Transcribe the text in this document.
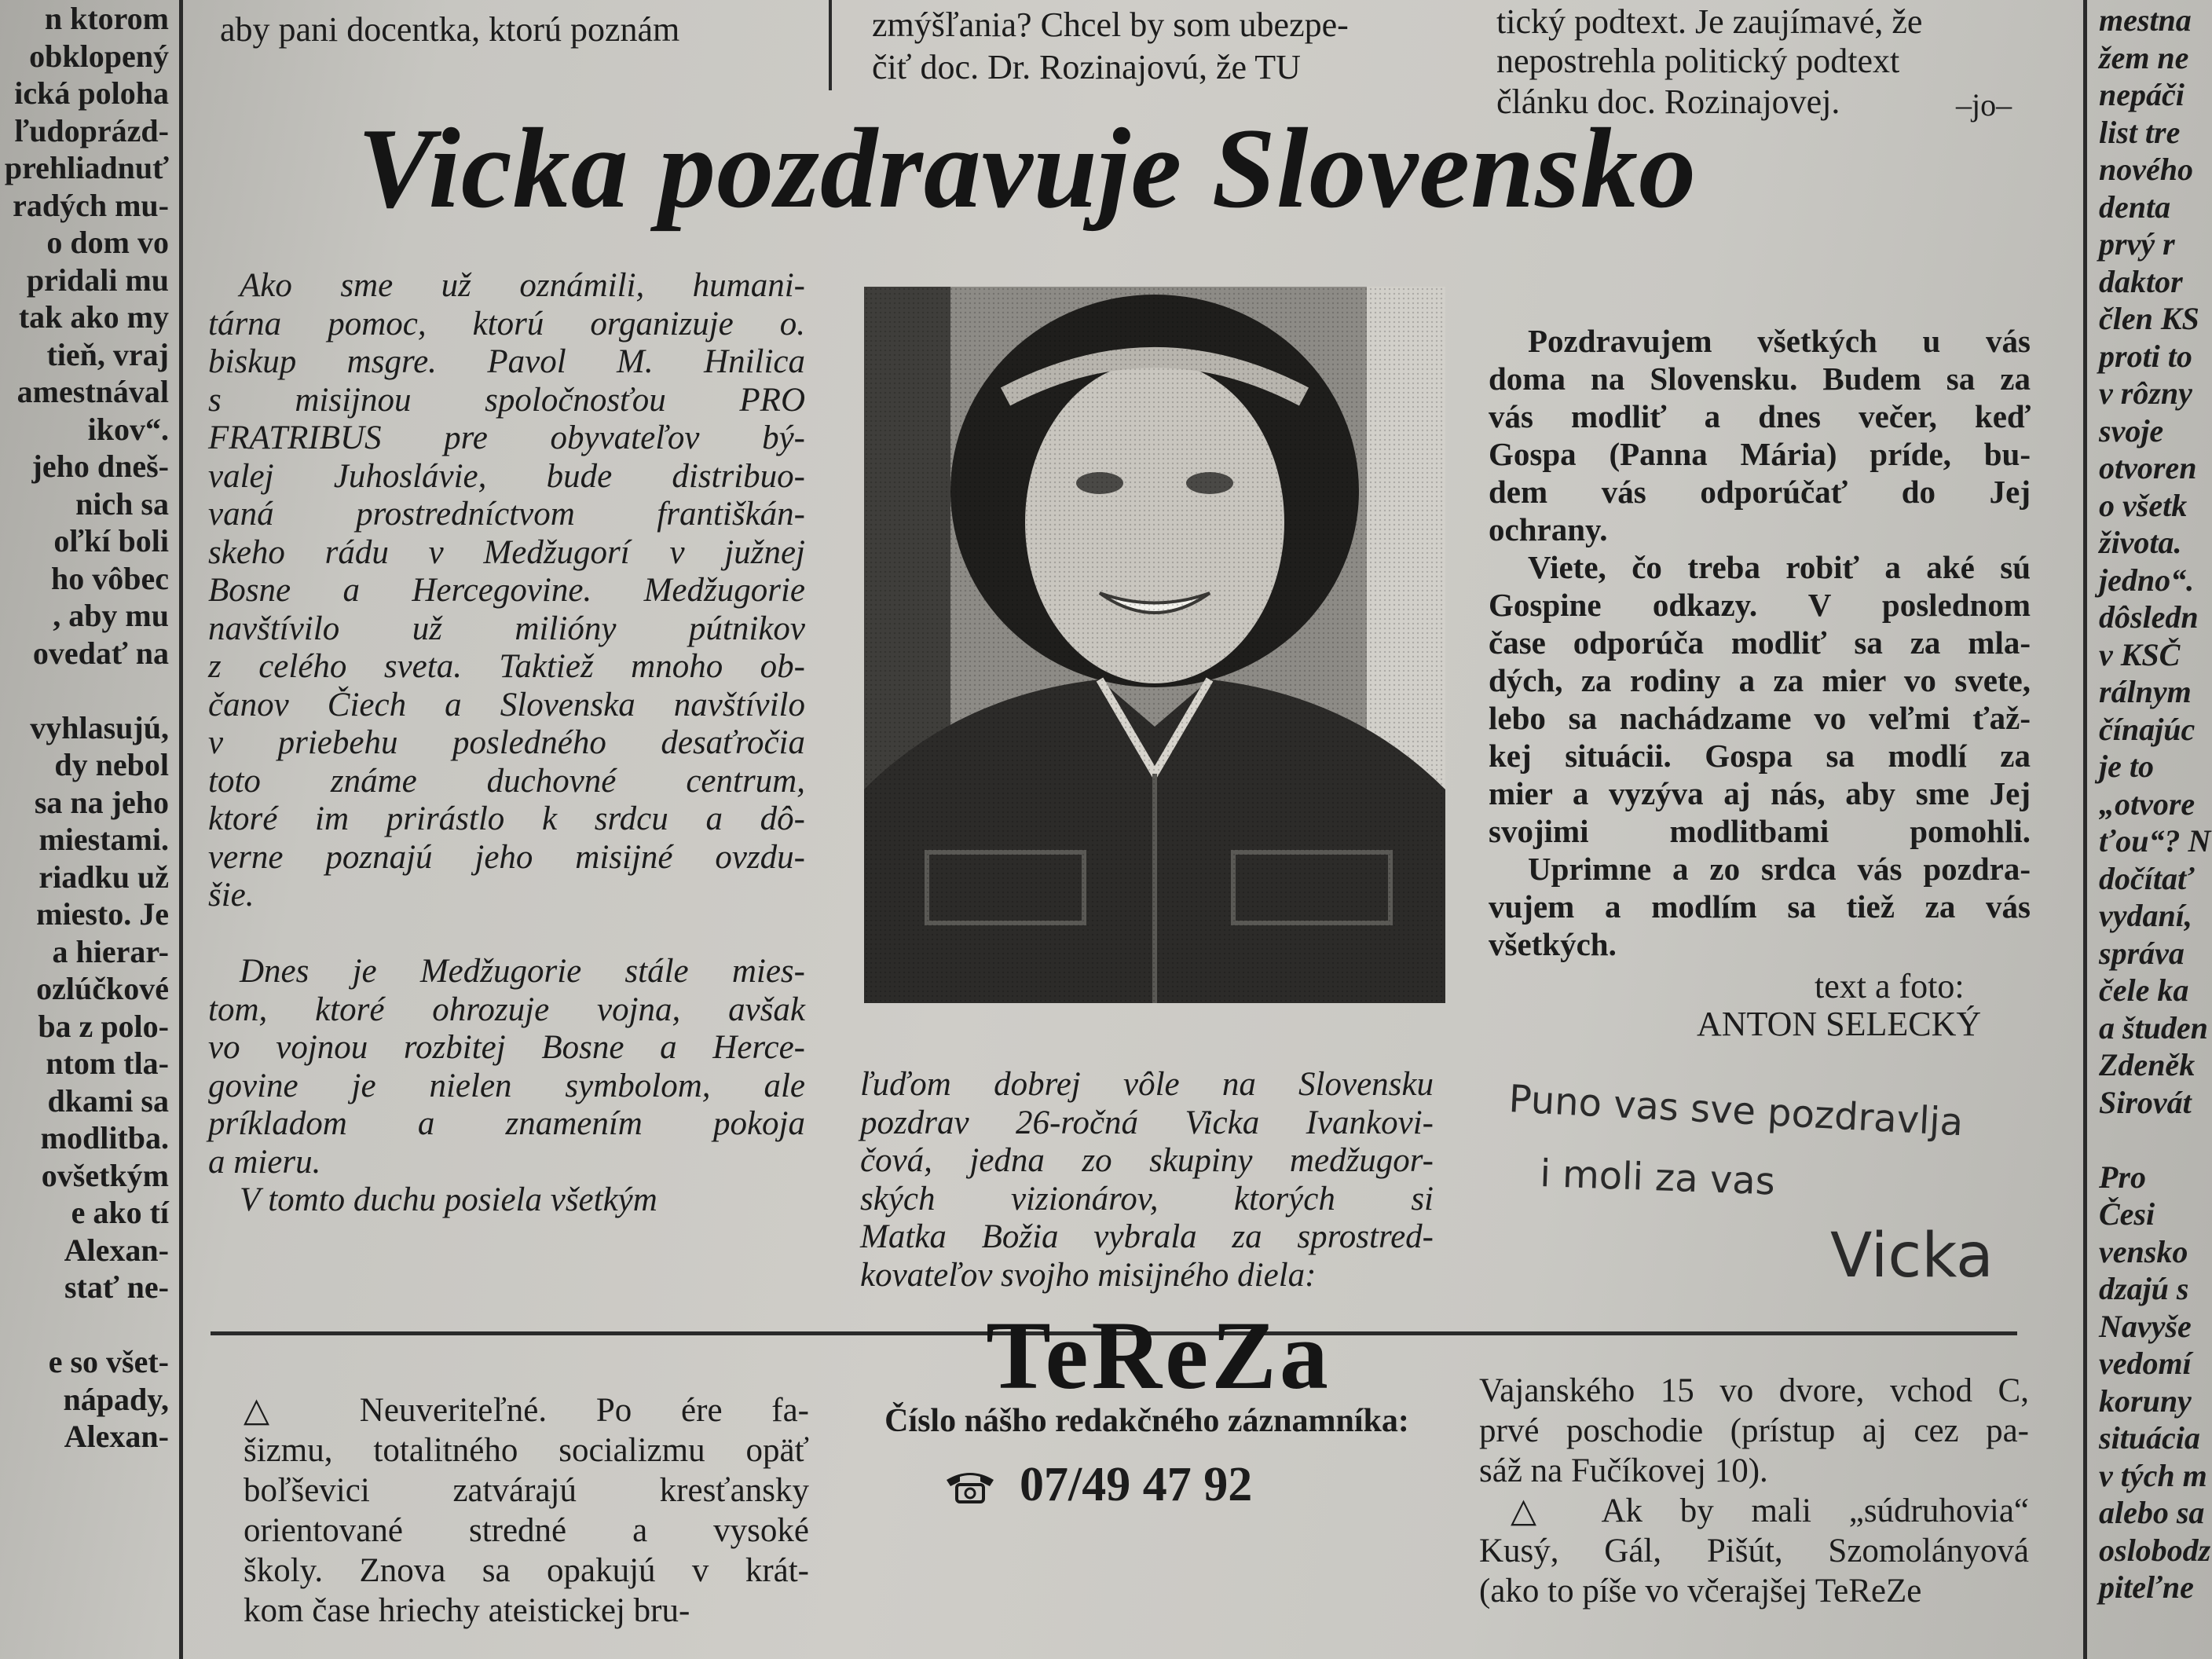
n ktorom

obklopený

ická poloha

ľudoprázd-

prehliadnuť

radých mu-

o dom vo

pridali mu

tak ako my

tieň, vraj

amestnával

ikov“.

jeho dneš-

nich sa

oľkí boli

ho vôbec

, aby mu

ovedať na

vyhlasujú,

dy nebol

sa na jeho

miestami.

riadku už

miesto. Je

a hierar-

ozlúčkové

ba z polo-

ntom tla-

dkami sa

modlitba.

ovšetkým

e ako tí

Alexan-

stať ne-

e so všet-

nápady,

Alexan-

aby pani docentka, ktorú poznám	zmýšľania? Chcel by som ubezpe-

čiť doc. Dr. Rozinajovú, že TU

tický podtext. Je zaujímavé, že

nepostrehla politický podtext

článku doc. Rozinajovej.	–jo–

Vicka pozdravuje Slovensko

Ako sme už oznámili, humani-

tárna pomoc, ktorú organizuje o.

biskup msgre. Pavol M. Hnilica

s misijnou spoločnosťou PRO

FRATRIBUS pre obyvateľov bý-

valej Juhoslávie, bude distribuo-

vaná prostredníctvom františkán-

skeho rádu v Medžugorí v južnej

Bosne a Hercegovine. Medžugorie

navštívilo už milióny pútnikov

z celého sveta. Taktiež mnoho ob-

čanov Čiech a Slovenska navštívilo

v priebehu posledného desaťročia

toto známe duchovné centrum,

ktoré im prirástlo k srdcu a dô-

verne poznajú jeho misijné ovzdu-

šie.

Dnes je Medžugorie stále mies-

tom, ktoré ohrozuje vojna, avšak

vo vojnou rozbitej Bosne a Herce-

govine je nielen symbolom, ale

príkladom a znamením pokoja

a mieru.

V tomto duchu posiela všetkým

ľuďom dobrej vôle na Slovensku

pozdrav 26-ročná Vicka Ivankovi-

čová, jedna zo skupiny medžugor-

ských vizionárov, ktorých si

Matka Božia vybrala za sprostred-

kovateľov svojho misijného diela:

Pozdravujem všetkých u vás

doma na Slovensku. Budem sa za

vás modliť a dnes večer, keď

Gospa (Panna Mária) príde, bu-

dem vás odporúčať do Jej

ochrany.

Viete, čo treba robiť a aké sú

Gospine odkazy. V poslednom

čase odporúča modliť sa za mla-

dých, za rodiny a za mier vo svete,

lebo sa nachádzame vo veľmi ťaž-

kej situácii. Gospa sa modlí za

mier a vyzýva aj nás, aby sme Jej

svojimi modlitbami pomohli.

Uprimne a zo srdca vás pozdra-

vujem a modlím sa tiež za vás

všetkých.

text a foto:

ANTON SELECKÝ

Puno vas sve pozdravlja
i moli za vas
Vicka

mestna

žem ne

nepáči

list tre

nového

denta

prvý r

daktor

člen KS

proti to

v rôzny

svoje

otvoren

o všetk

života.

jedno“.

dôsledn

v KSČ

rálnym

čínajúc

je to

„otvore

ťou“? N

dočítať

vydaní,

správa

čele ka

a študen

Zdeněk

Sirovát

Pro

Česi

vensko

dzajú s

Navyše

vedomí

koruny

situácia

v tých m

alebo sa

oslobodz

piteľne

△ Neuveriteľné. Po ére fa-

šizmu, totalitného socializmu opäť

boľševici zatvárajú kresťansky

orientované stredné a vysoké

školy. Znova sa opakujú v krát-

kom čase hriechy ateistickej bru-

TeReZa

Číslo nášho redakčného záznamníka:

07/49 47 92

Vajanského 15 vo dvore, vchod C,

prvé poschodie (prístup aj cez pa-

sáž na Fučíkovej 10).

△ Ak by mali „súdruhovia“

Kusý, Gál, Pišút, Szomolányová

(ako to píše vo včerajšej TeReZe
